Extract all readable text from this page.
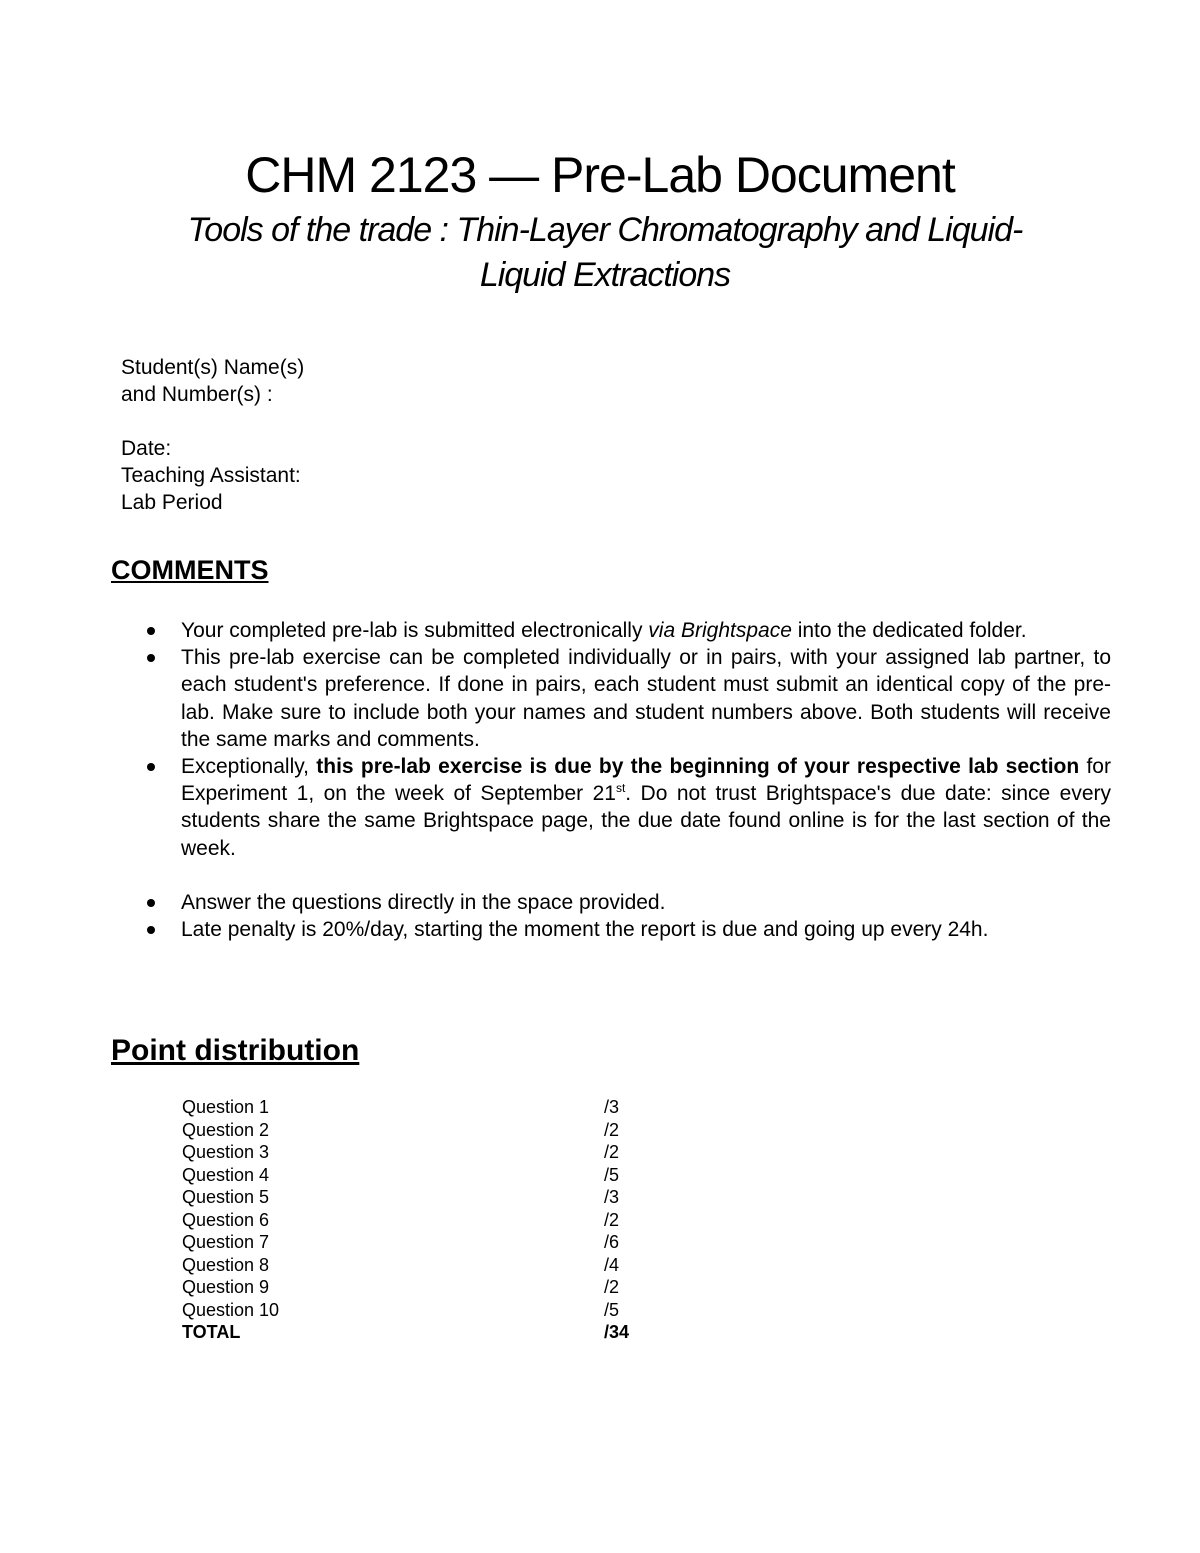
CHM 2123 — Pre-Lab Document
Tools of the trade : Thin-Layer Chromatography and Liquid-
Liquid Extractions
Student(s) Name(s)
and Number(s) :
Date:
Teaching Assistant:
Lab Period
COMMENTS
Your completed pre-lab is submitted electronically via Brightspace into the dedicated folder.
This pre-lab exercise can be completed individually or in pairs, with your assigned lab partner, to each student's preference. If done in pairs, each student must submit an identical copy of the pre-lab. Make sure to include both your names and student numbers above. Both students will receive the same marks and comments.
Exceptionally, this pre-lab exercise is due by the beginning of your respective lab section for Experiment 1, on the week of September 21st. Do not trust Brightspace's due date: since every students share the same Brightspace page, the due date found online is for the last section of the week.
Answer the questions directly in the space provided.
Late penalty is 20%/day, starting the moment the report is due and going up every 24h.
Point distribution
Question 1	/3
Question 2	/2
Question 3	/2
Question 4	/5
Question 5	/3
Question 6	/2
Question 7	/6
Question 8	/4
Question 9	/2
Question 10	/5
TOTAL	/34
